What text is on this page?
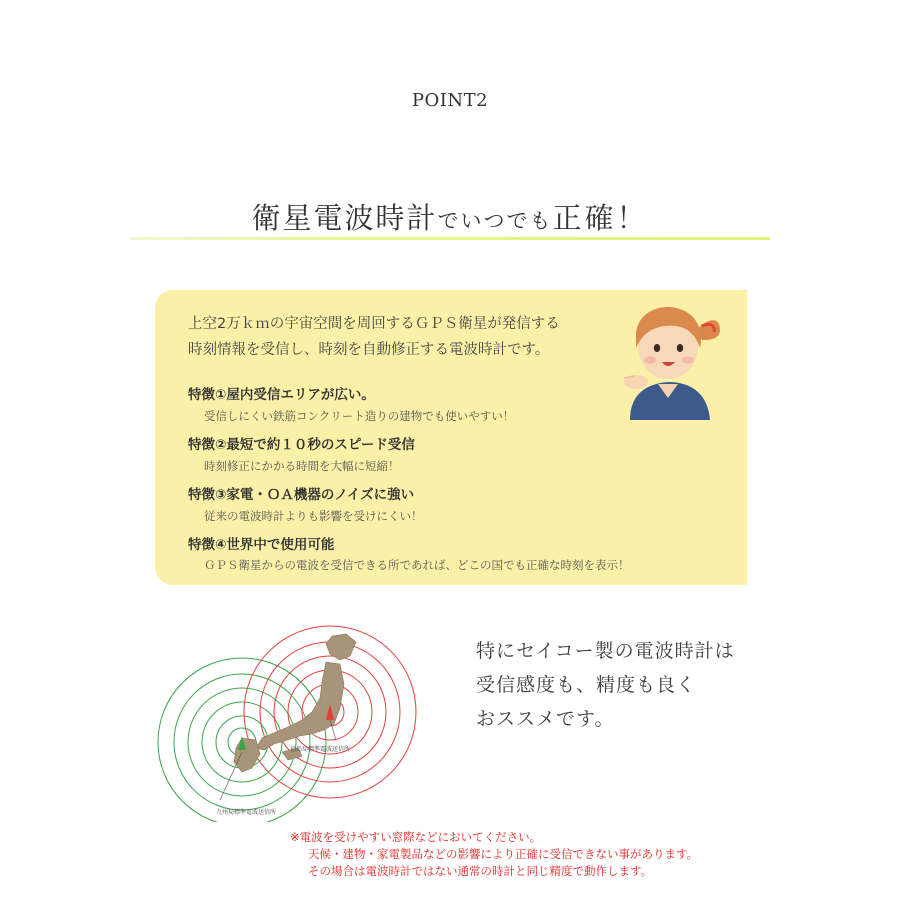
POINT2
衛星電波時計でいつでも正確！
上空2万ｋｍの宇宙空間を周回するＧＰＳ衛星が発信する
時刻情報を受信し、時刻を自動修正する電波時計です。
特徴①屋内受信エリアが広い。
受信しにくい鉄筋コンクリート造りの建物でも使いやすい！
特徴②最短で約１０秒のスピード受信
時刻修正にかかる時間を大幅に短縮！
特徴③家電・ＯＡ機器のノイズに強い
従来の電波時計よりも影響を受けにくい！
特徴④世界中で使用可能
ＧＰＳ衛星からの電波を受信できる所であれば、どこの国でも正確な時刻を表示！
福島局標準電波送信所
九州局標準電波送信所
特にセイコー製の電波時計は
受信感度も、精度も良く
おススメです。
※電波を受けやすい窓際などにおいてください。
天候・建物・家電製品などの影響により正確に受信できない事があります。
その場合は電波時計ではない通常の時計と同じ精度で動作します。
